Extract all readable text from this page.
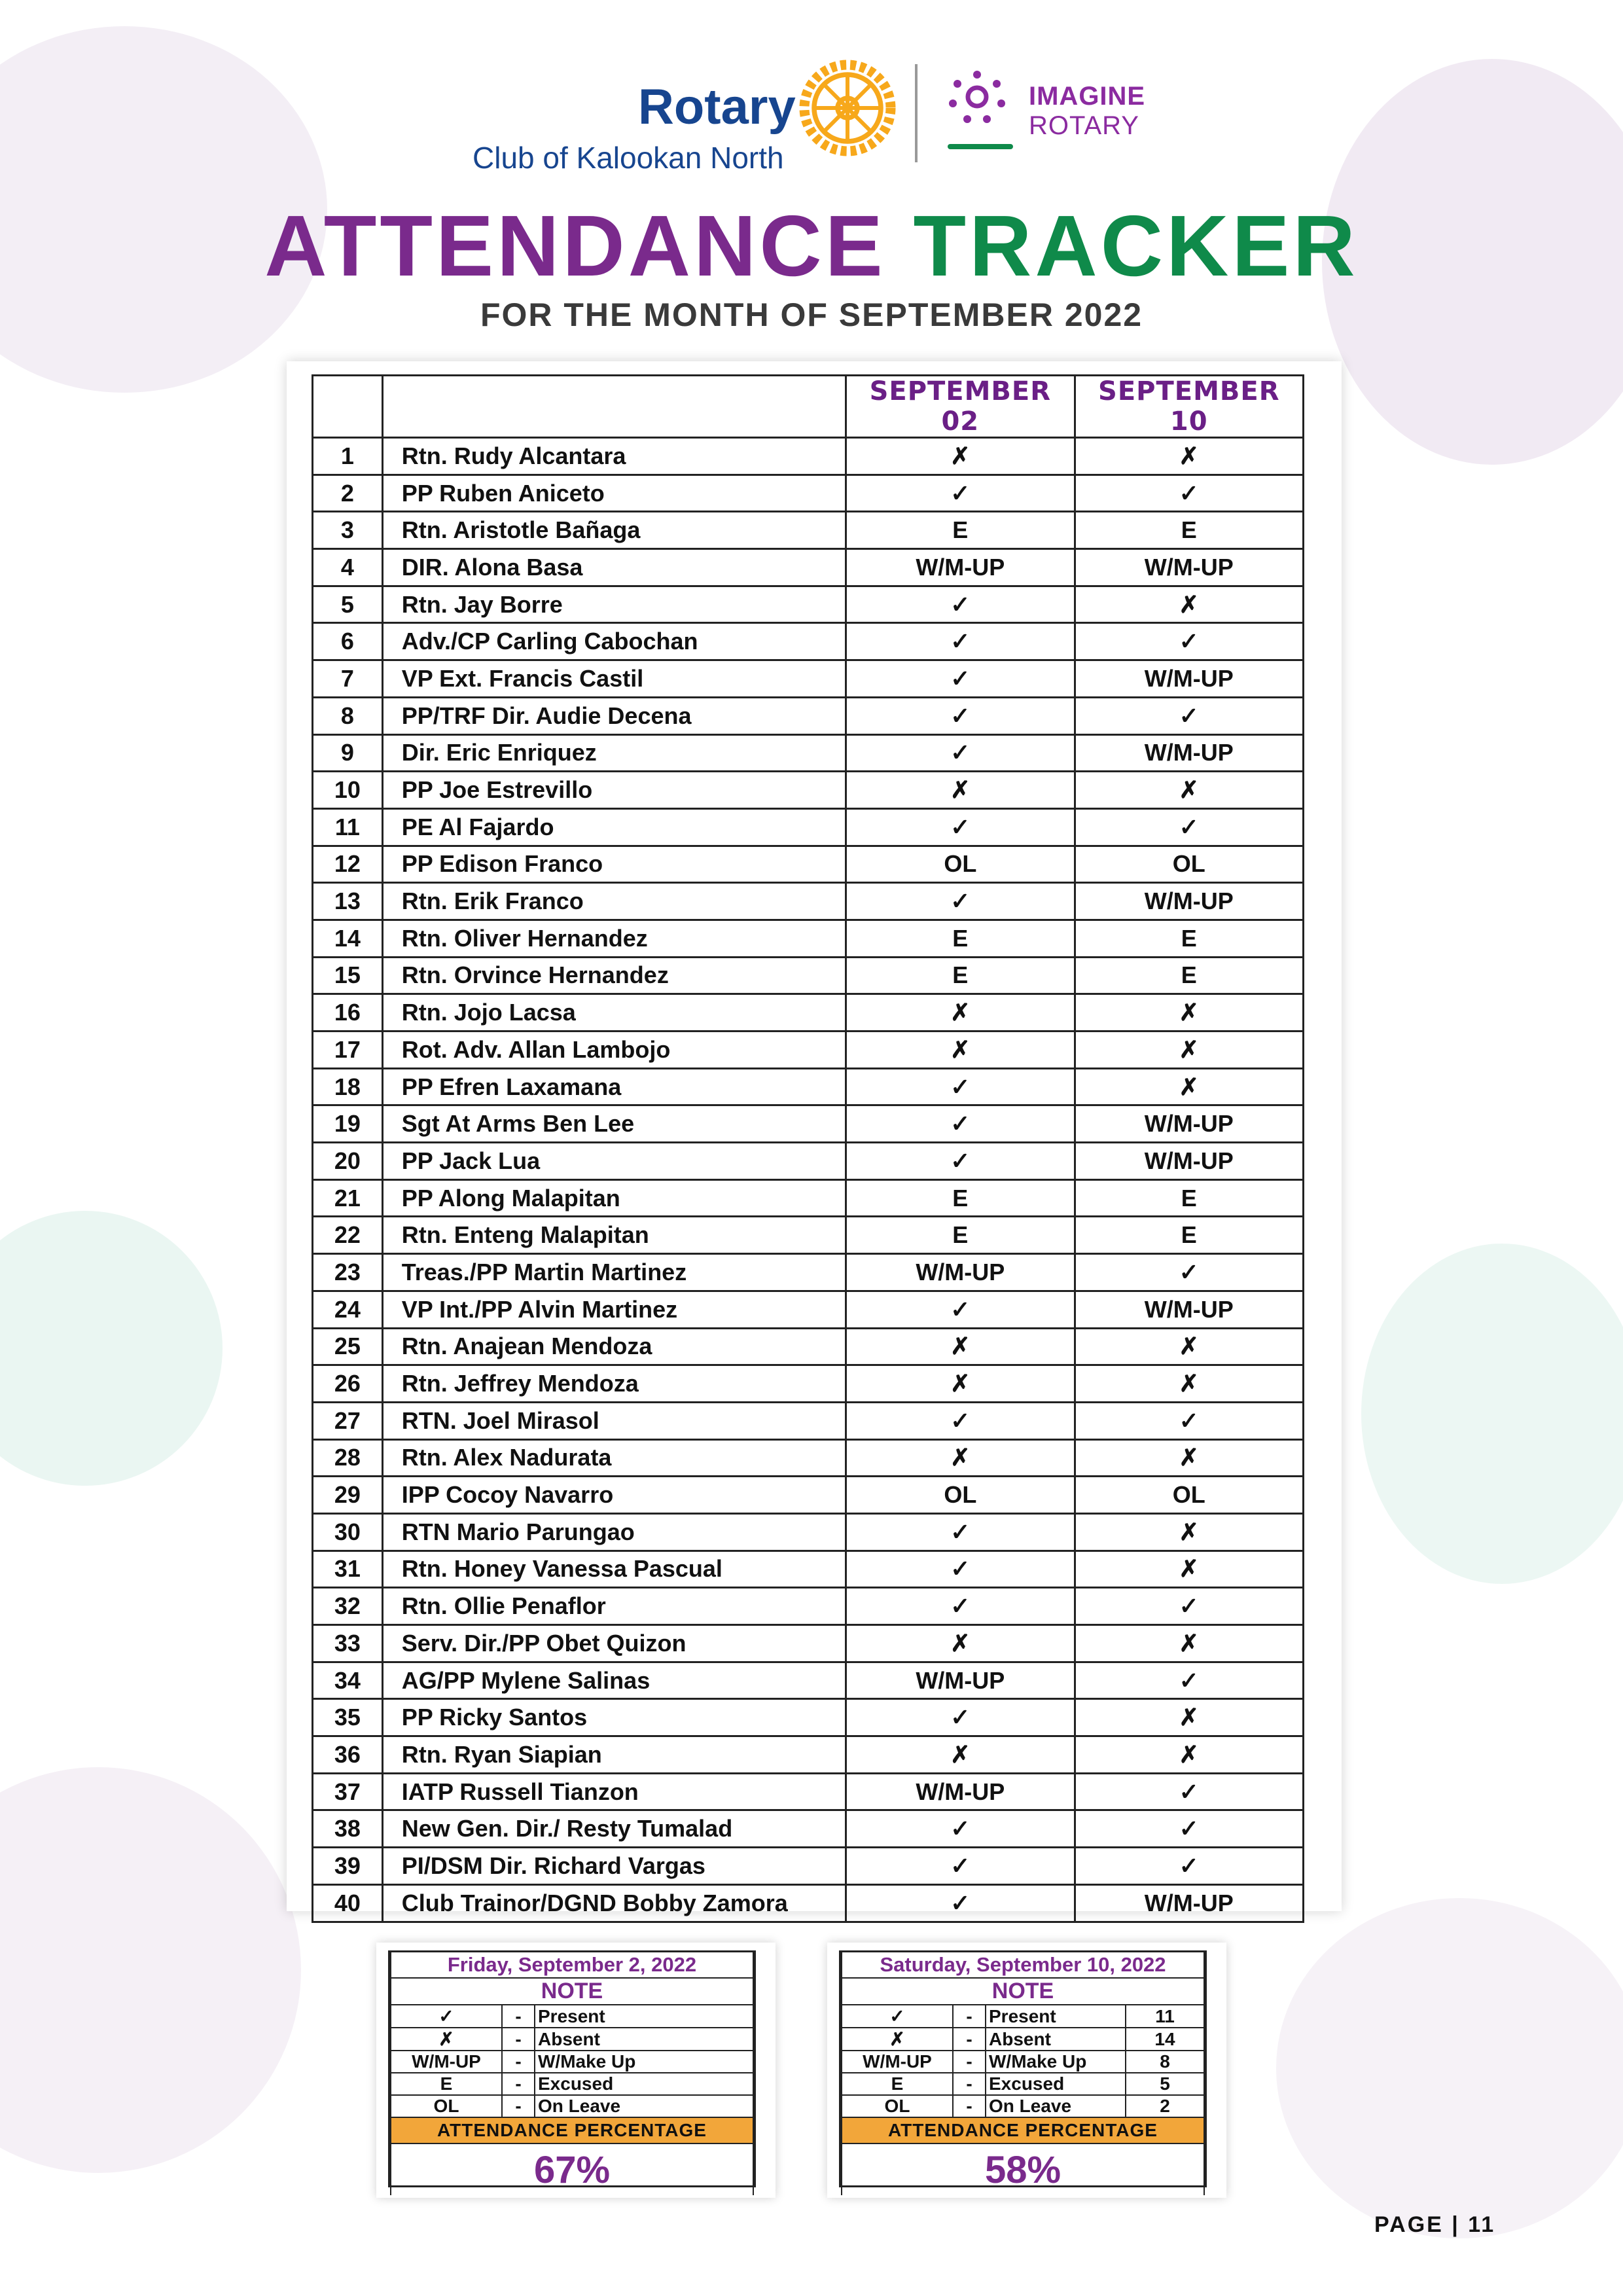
Rotary
Club of Kalookan North
IMAGINE
ROTARY
ATTENDANCE TRACKER
FOR THE MONTH OF SEPTEMBER 2022
		SEPTEMBER 02	SEPTEMBER 10
1	Rtn. Rudy Alcantara	✗	✗
2	PP Ruben Aniceto	✓	✓
3	Rtn. Aristotle Bañaga	E	E
4	DIR. Alona Basa	W/M-UP	W/M-UP
5	Rtn. Jay Borre	✓	✗
6	Adv./CP Carling Cabochan	✓	✓
7	VP Ext. Francis Castil	✓	W/M-UP
8	PP/TRF Dir. Audie Decena	✓	✓
9	Dir. Eric Enriquez	✓	W/M-UP
10	PP Joe Estrevillo	✗	✗
11	PE Al Fajardo	✓	✓
12	PP Edison Franco	OL	OL
13	Rtn. Erik Franco	✓	W/M-UP
14	Rtn. Oliver Hernandez	E	E
15	Rtn. Orvince Hernandez	E	E
16	Rtn. Jojo Lacsa	✗	✗
17	Rot. Adv. Allan Lambojo	✗	✗
18	PP Efren Laxamana	✓	✗
19	Sgt At Arms Ben Lee	✓	W/M-UP
20	PP Jack Lua	✓	W/M-UP
21	PP Along Malapitan	E	E
22	Rtn. Enteng Malapitan	E	E
23	Treas./PP Martin Martinez	W/M-UP	✓
24	VP Int./PP Alvin Martinez	✓	W/M-UP
25	Rtn. Anajean Mendoza	✗	✗
26	Rtn. Jeffrey Mendoza	✗	✗
27	RTN. Joel Mirasol	✓	✓
28	Rtn. Alex Nadurata	✗	✗
29	IPP Cocoy Navarro	OL	OL
30	RTN Mario Parungao	✓	✗
31	Rtn. Honey Vanessa Pascual	✓	✗
32	Rtn. Ollie Penaflor	✓	✓
33	Serv. Dir./PP Obet Quizon	✗	✗
34	AG/PP Mylene Salinas	W/M-UP	✓
35	PP Ricky Santos	✓	✗
36	Rtn. Ryan Siapian	✗	✗
37	IATP Russell Tianzon	W/M-UP	✓
38	New Gen. Dir./ Resty Tumalad	✓	✓
39	PI/DSM Dir. Richard Vargas	✓	✓
40	Club Trainor/DGND Bobby Zamora	✓	W/M-UP
Friday, September 2, 2022		
NOTE		
✓	-	Present
✗	-	Absent
W/M-UP	-	W/Make Up
E	-	Excused
OL	-	On Leave
ATTENDANCE PERCENTAGE		
67%		
Saturday, September 10, 2022			
NOTE			
✓	-	Present	11
✗	-	Absent	14
W/M-UP	-	W/Make Up	8
E	-	Excused	5
OL	-	On Leave	2
ATTENDANCE PERCENTAGE			
58%			
PAGE | 11
